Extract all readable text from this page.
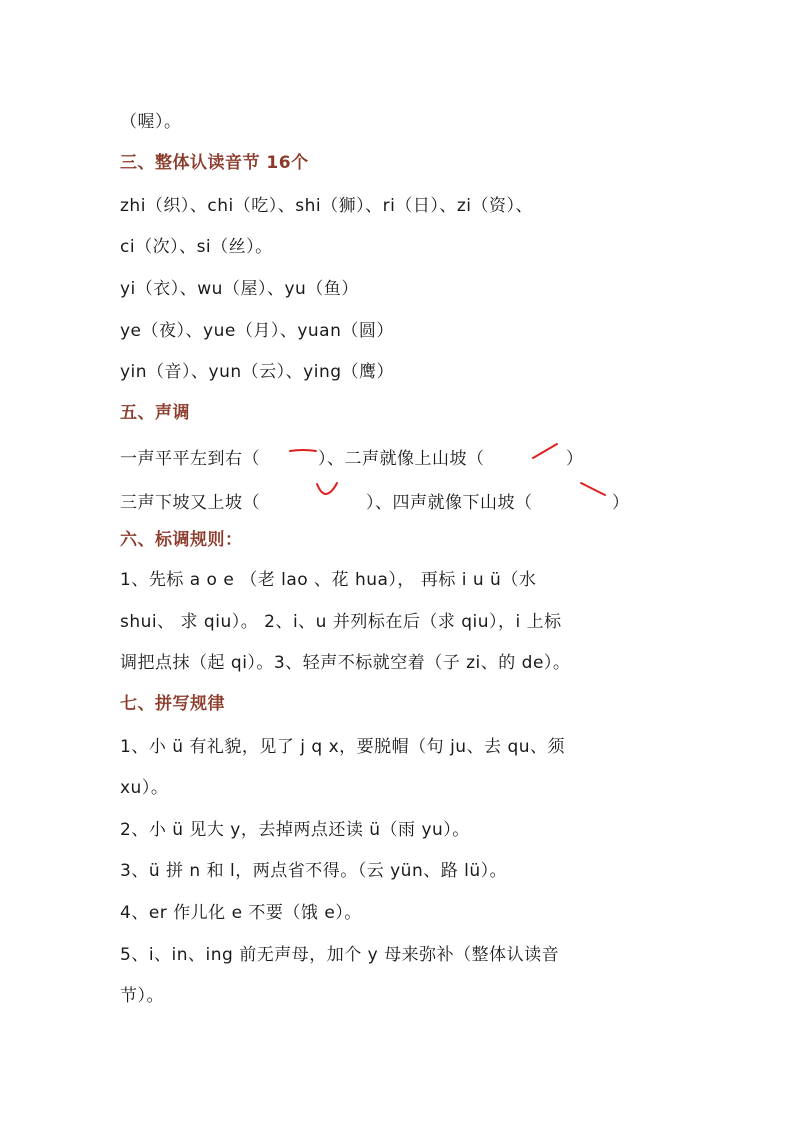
（喔）。
三、整体认读音节 16个
zhi（织）、chi（吃）、shi（狮）、ri（日）、zi（资）、
ci（次）、si（丝）。
yi（衣）、wu（屋）、yu（鱼）
ye（夜）、yue（月）、yuan（圆）
yin（音）、yun（云）、ying（鹰）
五、声调
一声平平左到右（	）、二声就像上山坡（	）
三声下坡又上坡（	）、四声就像下山坡（	）
六、标调规则：
1、先标 a o e （老 lao 、花 hua）， 再标 i u ü（水
shui、 求 qiu）。 2、i、u 并列标在后（求 qiu），i 上标
调把点抹（起 qi）。3、轻声不标就空着（子 zi、的 de）。
七、拼写规律
1、小 ü 有礼貌，见了 j q x，要脱帽（句 ju、去 qu、须
xu）。
2、小 ü 见大 y，去掉两点还读 ü（雨 yu）。
3、ü 拼 n 和 l，两点省不得。（云 yün、路 lü）。
4、er 作儿化 e 不要（饿 e）。
5、i、in、ing 前无声母，加个 y 母来弥补（整体认读音
节）。
